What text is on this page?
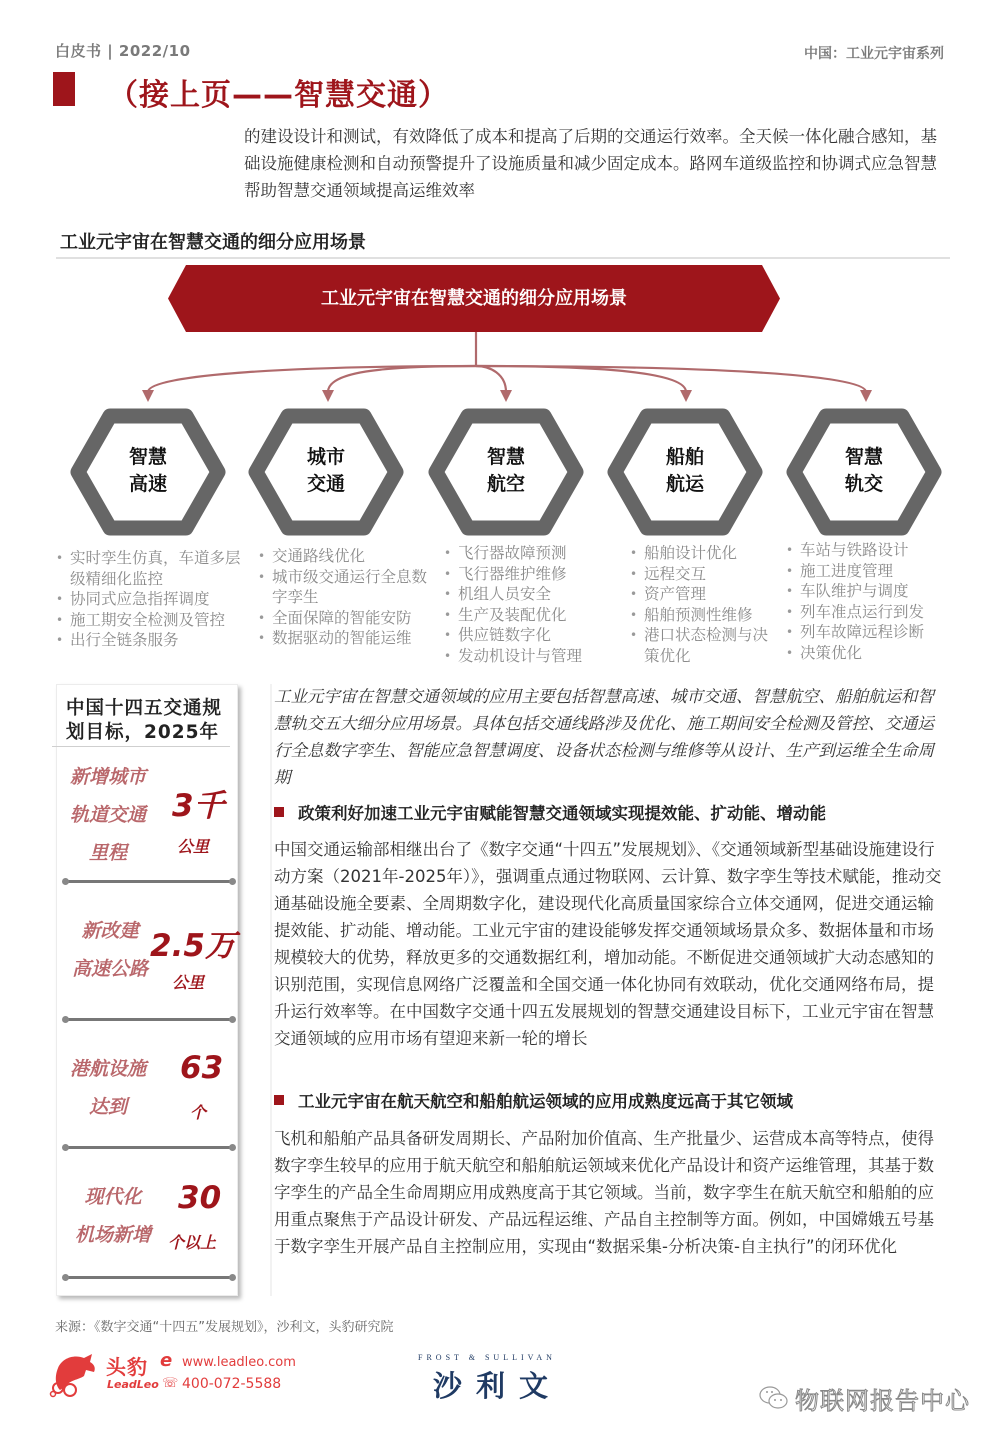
白皮书 | 2022/10	中国：工业元宇宙系列
（接上页——智慧交通）
的建设设计和测试，有效降低了成本和提高了后期的交通运行效率。全天候一体化融合感知，基础设施健康检测和自动预警提升了设施质量和减少固定成本。路网车道级监控和协调式应急智慧帮助智慧交通领域提高运维效率
工业元宇宙在智慧交通的细分应用场景
工业元宇宙在智慧交通的细分应用场景
智慧
高速
城市
交通
智慧
航空
船舶
航运
智慧
轨交
• 实时孪生仿真，车道多层级精细化监控
• 协同式应急指挥调度
• 施工期安全检测及管控
• 出行全链条服务
• 交通路线优化
• 城市级交通运行全息数字孪生
• 全面保障的智能安防
• 数据驱动的智能运维
• 飞行器故障预测
• 飞行器维护维修
• 机组人员安全
• 生产及装配优化
• 供应链数字化
• 发动机设计与管理
• 船舶设计优化
• 远程交互
• 资产管理
• 船舶预测性维修
• 港口状态检测与决策优化
• 车站与铁路设计
• 施工进度管理
• 车队维护与调度
• 列车准点运行到发
• 列车故障远程诊断
• 决策优化
中国十四五交通规划目标，2025年
新增城市
轨道交通
里程
3千
公里
新改建
高速公路
2.5万
公里
港航设施
达到
63
个
现代化
机场新增
30
个以上
工业元宇宙在智慧交通领域的应用主要包括智慧高速、城市交通、智慧航空、船舶航运和智慧轨交五大细分应用场景。具体包括交通线路涉及优化、施工期间安全检测及管控、交通运行全息数字孪生、智能应急智慧调度、设备状态检测与维修等从设计、生产到运维全生命周期
政策利好加速工业元宇宙赋能智慧交通领域实现提效能、扩动能、增动能
中国交通运输部相继出台了《数字交通“十四五”发展规划》、《交通领域新型基础设施建设行动方案（2021年-2025年）》，强调重点通过物联网、云计算、数字孪生等技术赋能，推动交通基础设施全要素、全周期数字化，建设现代化高质量国家综合立体交通网，促进交通运输提效能、扩动能、增动能。工业元宇宙的建设能够发挥交通领域场景众多、数据体量和市场规模较大的优势，释放更多的交通数据红利，增加动能。不断促进交通领域扩大动态感知的识别范围，实现信息网络广泛覆盖和全国交通一体化协同有效联动，优化交通网络布局，提升运行效率等。在中国数字交通十四五发展规划的智慧交通建设目标下，工业元宇宙在智慧交通领域的应用市场有望迎来新一轮的增长
工业元宇宙在航天航空和船舶航运领域的应用成熟度远高于其它领域
飞机和船舶产品具备研发周期长、产品附加价值高、生产批量少、运营成本高等特点，使得数字孪生较早的应用于航天航空和船舶航运领域来优化产品设计和资产运维管理，其基于数字孪生的产品全生命周期应用成熟度高于其它领域。当前，数字孪生在航天航空和船舶的应用重点聚焦于产品设计研发、产品远程运维、产品自主控制等方面。例如，中国嫦娥五号基于数字孪生开展产品自主控制应用，实现由“数据采集-分析决策-自主执行”的闭环优化
来源：《数字交通“十四五”发展规划》，沙利文，头豹研究院
头豹
LeadLeo
e www.leadleo.com
☏ 400-072-5588
FROST & SULLIVAN
沙利文	物联网报告中心
